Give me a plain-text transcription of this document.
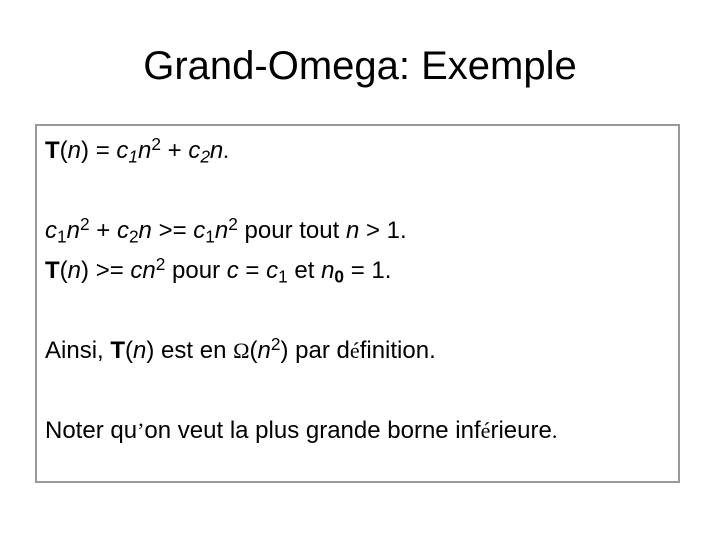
Grand-Omega: Exemple
$T(n) = c_1n^2 + c_2n$.
$c_1n^2 + c_2n >= c_1n^2$ pour tout n > 1.
$T(n) >= cn^2$ pour $c = c_1$ et $n_0 = 1$.
Ainsi, T(n) est en $\Omega(n^2)$ par définition.
Noter qu’on veut la plus grande borne inférieure.
